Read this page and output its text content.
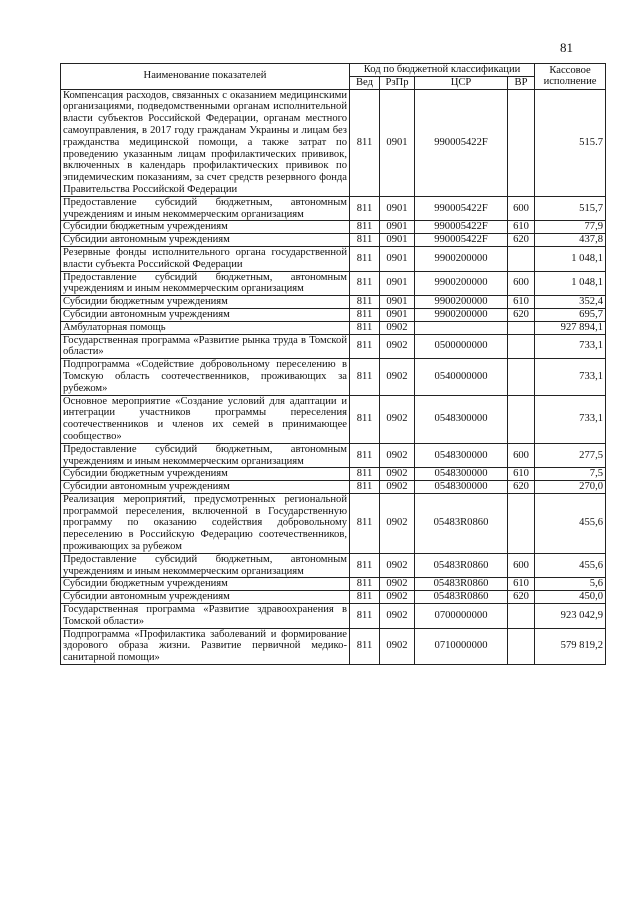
81
Наименование показателей	Код по бюджетной классификации				Кассовое исполнение
	Вед	РзПр	ЦСР	ВР	
Компенсация расходов, связанных с оказанием медицинскими организациями, подведомственными органам исполнительной власти субъектов Российской Федерации, органам местного самоуправления, в 2017 году гражданам Украины и лицам без гражданства медицинской помощи, а также затрат по проведению указанным лицам профилактических прививок, включенных в календарь профилактических прививок по эпидемическим показаниям, за счет средств резервного фонда Правительства Российской Федерации	811	0901	990005422F		515.7
Предоставление субсидий бюджетным, автономным учреждениям и иным некоммерческим организациям	811	0901	990005422F	600	515,7
Субсидии бюджетным учреждениям	811	0901	990005422F	610	77,9
Субсидии автономным учреждениям	811	0901	990005422F	620	437,8
Резервные фонды исполнительного органа государственной власти субъекта Российской Федерации	811	0901	9900200000		1 048,1
Предоставление субсидий бюджетным, автономным учреждениям и иным некоммерческим организациям	811	0901	9900200000	600	1 048,1
Субсидии бюджетным учреждениям	811	0901	9900200000	610	352,4
Субсидии автономным учреждениям	811	0901	9900200000	620	695,7
Амбулаторная помощь	811	0902			927 894,1
Государственная программа «Развитие рынка труда в Томской области»	811	0902	0500000000		733,1
Подпрограмма «Содействие добровольному переселению в Томскую область соотечественников, проживающих за рубежом»	811	0902	0540000000		733,1
Основное мероприятие «Создание условий для адаптации и интеграции участников программы переселения соотечественников и членов их семей в принимающее сообщество»	811	0902	0548300000		733,1
Предоставление субсидий бюджетным, автономным учреждениям и иным некоммерческим организациям	811	0902	0548300000	600	277,5
Субсидии бюджетным учреждениям	811	0902	0548300000	610	7,5
Субсидии автономным учреждениям	811	0902	0548300000	620	270,0
Реализация мероприятий, предусмотренных региональной программой переселения, включенной в Государственную программу по оказанию содействия добровольному переселению в Российскую Федерацию соотечественников, проживающих за рубежом	811	0902	05483R0860		455,6
Предоставление субсидий бюджетным, автономным учреждениям и иным некоммерческим организациям	811	0902	05483R0860	600	455,6
Субсидии бюджетным учреждениям	811	0902	05483R0860	610	5,6
Субсидии автономным учреждениям	811	0902	05483R0860	620	450,0
Государственная программа «Развитие здравоохранения в Томской области»	811	0902	0700000000		923 042,9
Подпрограмма «Профилактика заболеваний и формирование здорового образа жизни. Развитие первичной медико-санитарной помощи»	811	0902	0710000000		579 819,2
